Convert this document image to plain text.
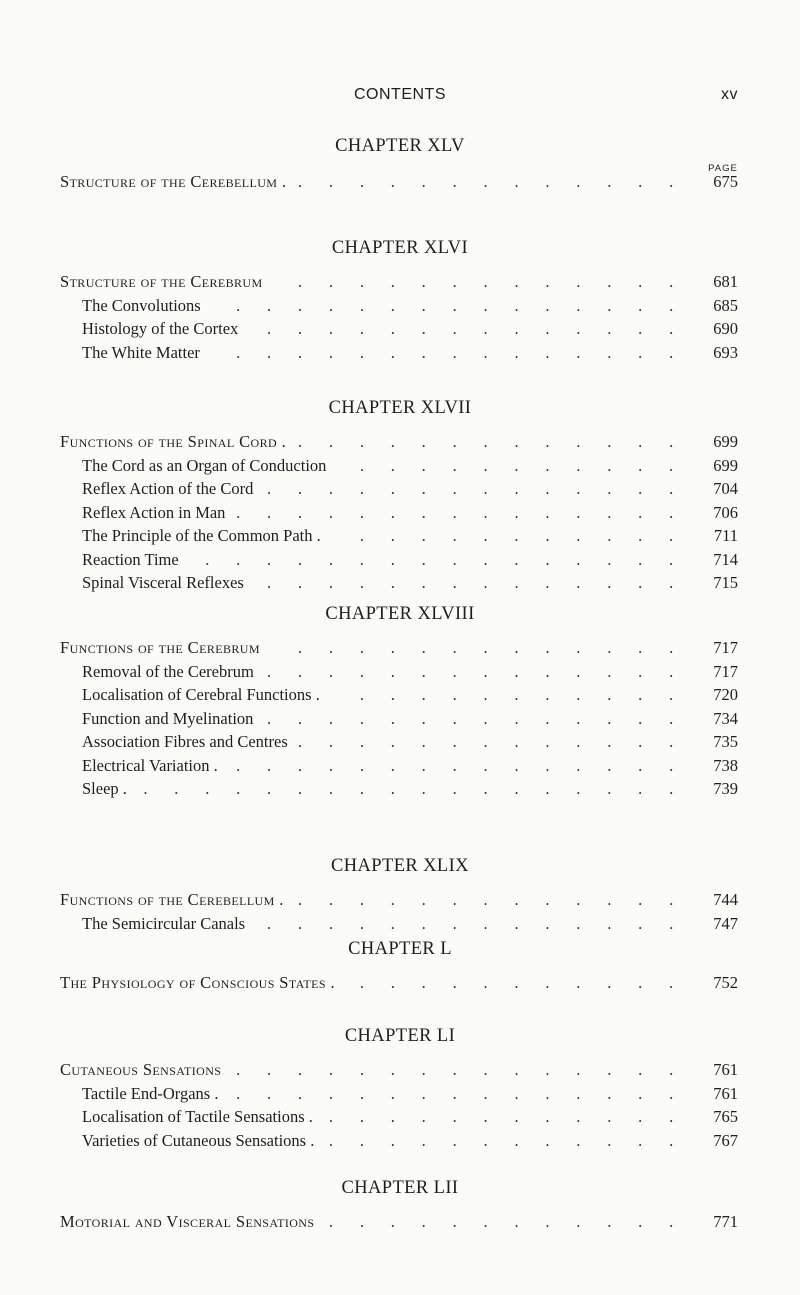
CONTENTS	xv
PAGE
CHAPTER XLV
Structure of the Cerebellum .	675
.............
CHAPTER XLVI
Structure of the Cerebrum	681
.............
The Convolutions	685
...............
Histology of the Cortex	690
..............
The White Matter	693
...............
CHAPTER XLVII
Functions of the Spinal Cord .	699
.............
The Cord as an Organ of Conduction	699
...........
Reflex Action of the Cord	704
..............
Reflex Action in Man	706
...............
The Principle of the Common Path .	711
...........
Reaction Time	714
................
Spinal Visceral Reflexes	715
..............
CHAPTER XLVIII
Functions of the Cerebrum	717
.............
Removal of the Cerebrum	717
..............
Localisation of Cerebral Functions .	720
...........
Function and Myelination	734
..............
Association Fibres and Centres	735
.............
Electrical Variation .	738
...............
Sleep .	739
..................
CHAPTER XLIX
Functions of the Cerebellum .	744
.............
The Semicircular Canals	747
..............
CHAPTER L
The Physiology of Conscious States .	752
...........
CHAPTER LI
Cutaneous Sensations	761
...............
Tactile End-Organs .	761
...............
Localisation of Tactile Sensations .	765
............
Varieties of Cutaneous Sensations .	767
............
CHAPTER LII
Motorial and Visceral Sensations	771
............
